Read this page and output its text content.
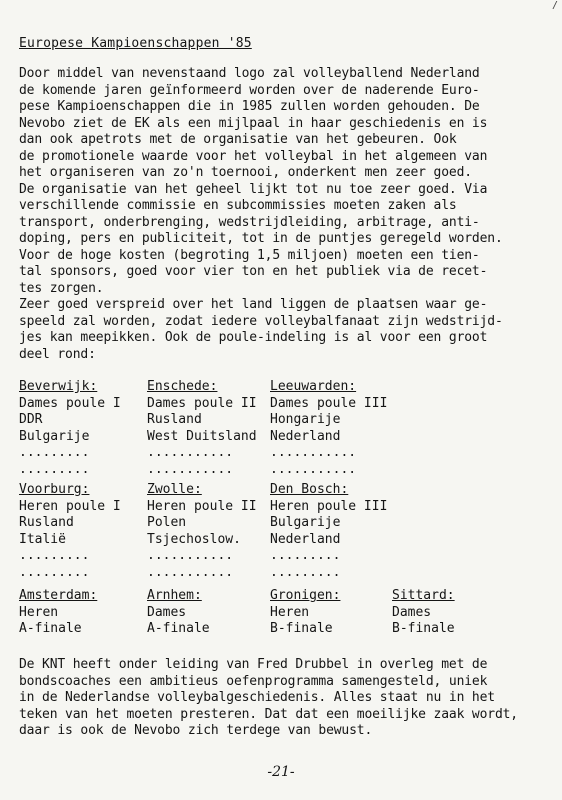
/
Europese Kampioenschappen '85

Door middel van nevenstaand logo zal volleyballend Nederland
de komende jaren geïnformeerd worden over de naderende Euro-
pese Kampioenschappen die in 1985 zullen worden gehouden. De
Nevobo ziet de EK als een mijlpaal in haar geschiedenis en is
dan ook apetrots met de organisatie van het gebeuren. Ook
de promotionele waarde voor het volleybal in het algemeen van
het organiseren van zo'n toernooi, onderkent men zeer goed.
De organisatie van het geheel lijkt tot nu toe zeer goed. Via
verschillende commissie en subcommissies moeten zaken als
transport, onderbrenging, wedstrijdleiding, arbitrage, anti-
doping, pers en publiciteit, tot in de puntjes geregeld worden.
Voor de hoge kosten (begroting 1,5 miljoen) moeten een tien-
tal sponsors, goed voor vier ton en het publiek via de recet-
tes zorgen.
Zeer goed verspreid over het land liggen de plaatsen waar ge-
speeld zal worden, zodat iedere volleybalfanaat zijn wedstrijd-
jes kan meepikken. Ook de poule-indeling is al voor een groot
deel rond:

Beverwijk:
Dames poule I
DDR
Bulgarije
.........
.........
Enschede:
Dames poule II
Rusland
West Duitsland
...........
...........
Leeuwarden:
Dames poule III
Hongarije
Nederland
...........
...........
Voorburg:
Heren poule I
Rusland
Italië
.........
.........
Zwolle:
Heren poule II
Polen
Tsjechoslow.
...........
...........
Den Bosch:
Heren poule III
Bulgarije
Nederland
.........
.........
Amsterdam:
Heren
A-finale
Arnhem:
Dames
A-finale
Gronigen:
Heren
B-finale
Sittard:
Dames
B-finale

De KNT heeft onder leiding van Fred Drubbel in overleg met de
bondscoaches een ambitieus oefenprogramma samengesteld, uniek
in de Nederlandse volleybalgeschiedenis. Alles staat nu in het
teken van het moeten presteren. Dat dat een moeilijke zaak wordt,
daar is ook de Nevobo zich terdege van bewust.

-21-
